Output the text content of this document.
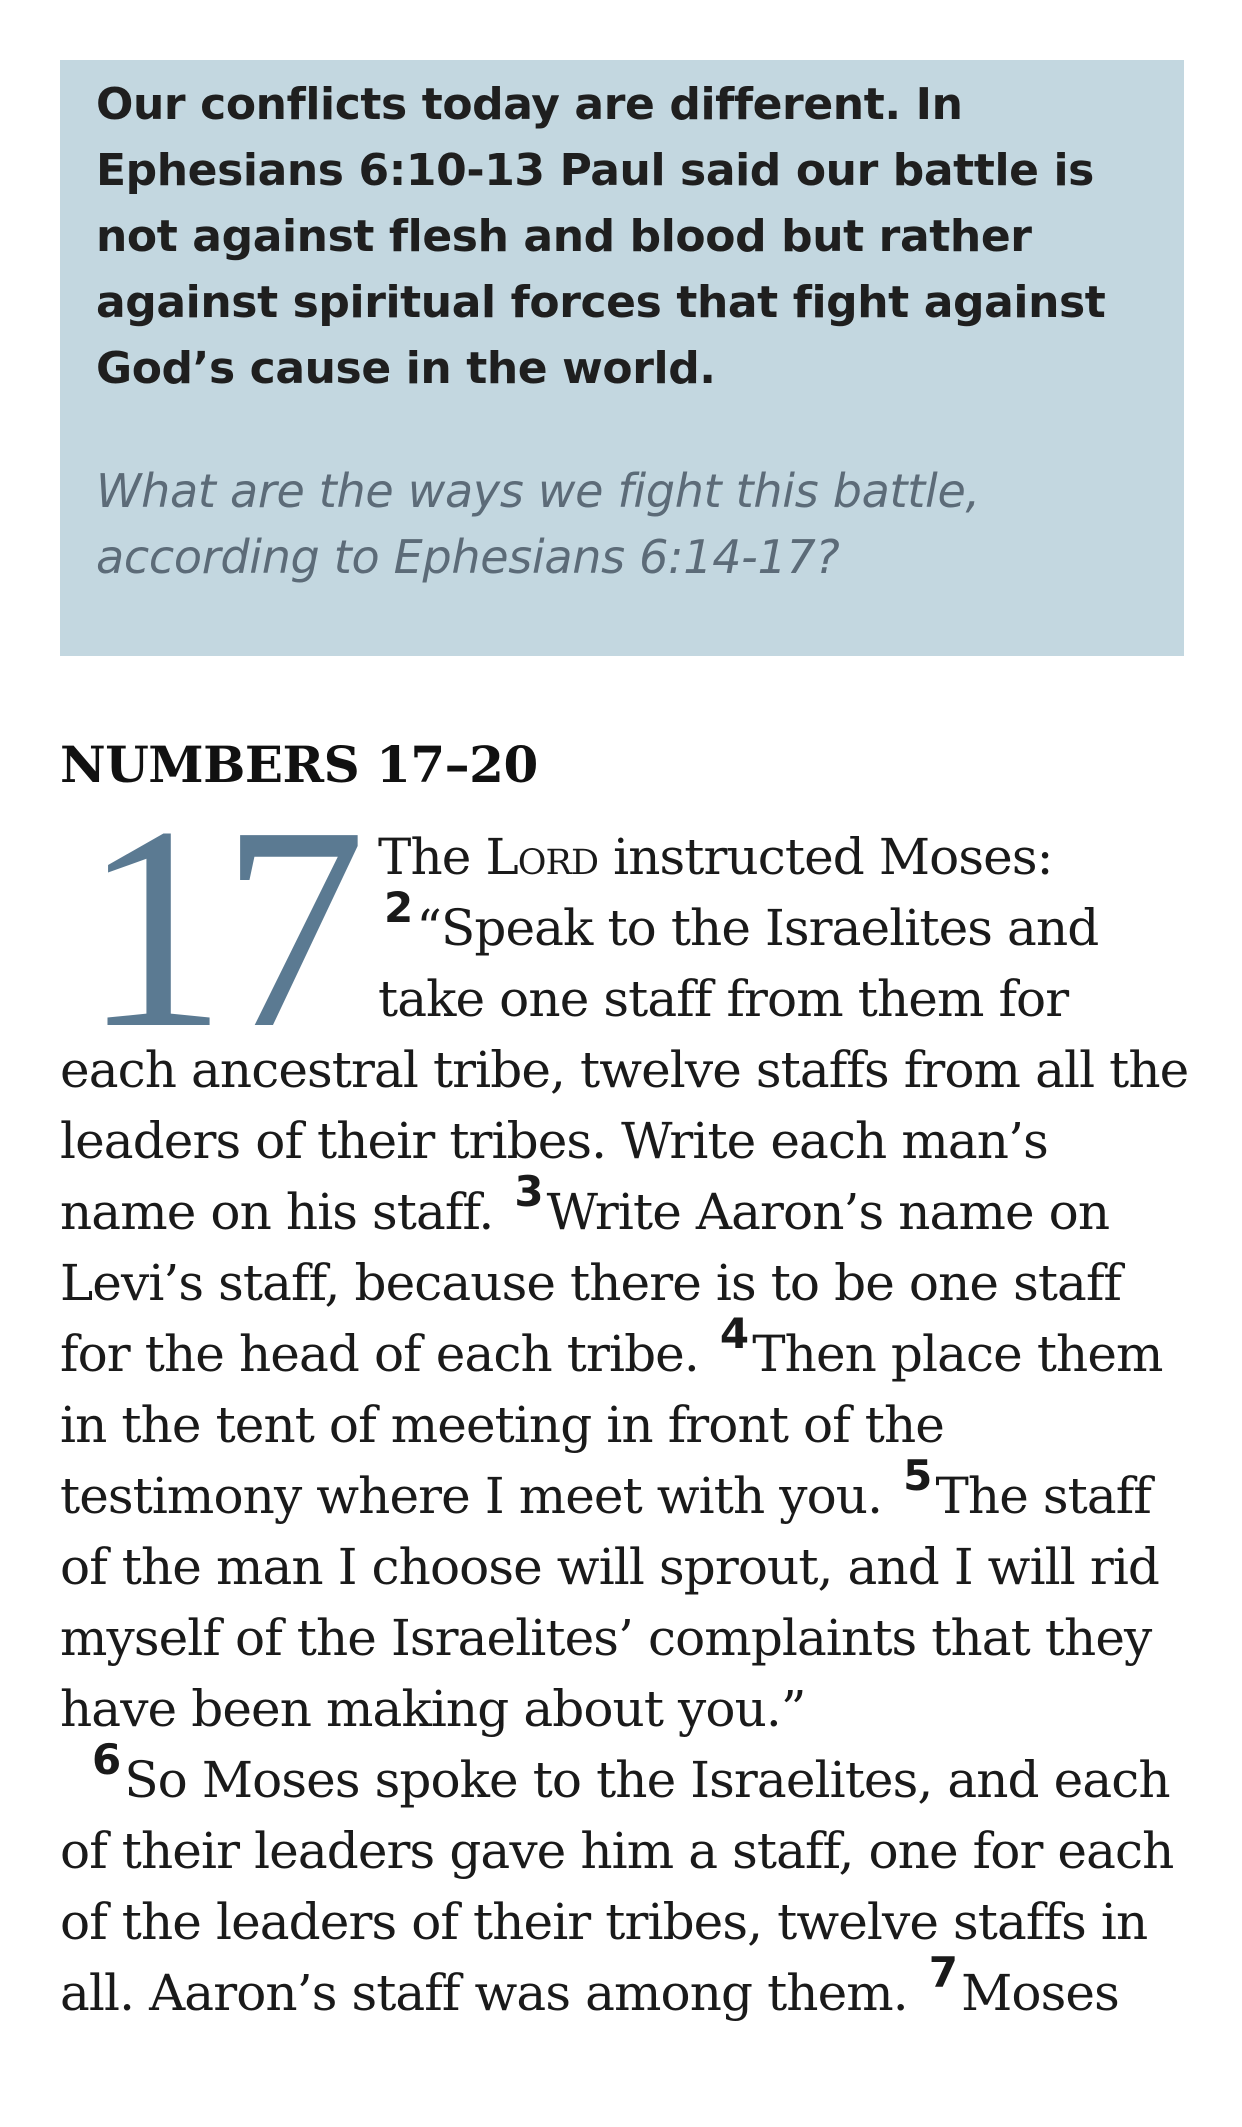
Our conflicts today are different. In Ephesians 6:10-13 Paul said our battle is not against flesh and blood but rather against spiritual forces that fight against God’s cause in the world.

What are the ways we fight this battle, according to Ephesians 6:14-17?

NUMBERS 17–20

17 The Lord instructed Moses: $^2$“Speak to the Israelites and take one staff from them for each ancestral tribe, twelve staffs from all the leaders of their tribes. Write each man’s name on his staff. $^3$Write Aaron’s name on Levi’s staff, because there is to be one staff for the head of each tribe. $^4$Then place them in the tent of meeting in front of the testimony where I meet with you. $^5$The staff of the man I choose will sprout, and I will rid myself of the Israelites’ complaints that they have been making about you.”

$^6$So Moses spoke to the Israelites, and each of their leaders gave him a staff, one for each of the leaders of their tribes, twelve staffs in all. Aaron’s staff was among them. $^7$Moses
